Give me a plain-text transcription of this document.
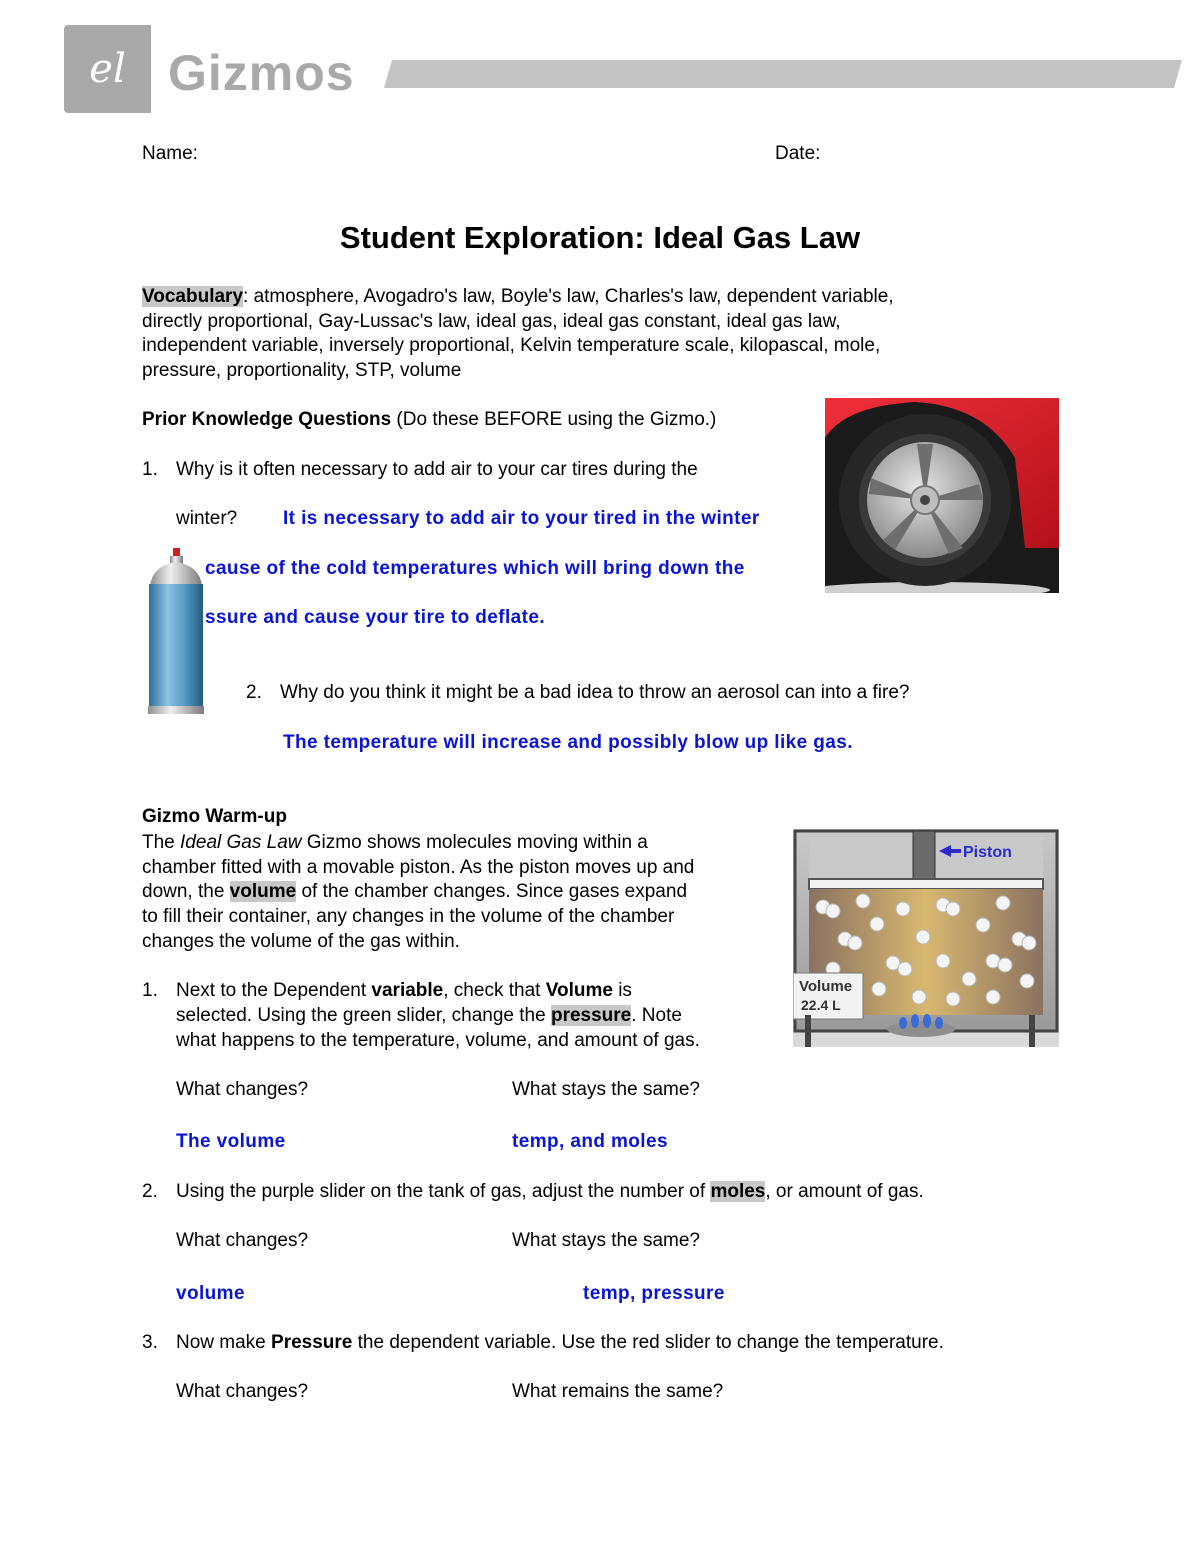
el Gizmos
Name:	Date:
Student Exploration: Ideal Gas Law

Vocabulary: atmosphere, Avogadro's law, Boyle's law, Charles's law, dependent variable,

directly proportional, Gay-Lussac's law, ideal gas, ideal gas constant, ideal gas law,

independent variable, inversely proportional, Kelvin temperature scale, kilopascal, mole,

pressure, proportionality, STP, volume

Prior Knowledge Questions (Do these BEFORE using the Gizmo.)
1. Why is it often necessary to add air to your car tires during the
winter? It is necessary to add air to your tired in the winter
cause of the cold temperatures which will bring down the
ssure and cause your tire to deflate.
2. Why do you think it might be a bad idea to throw an aerosol can into a fire?
The temperature will increase and possibly blow up like gas.
Gizmo Warm-up

The Ideal Gas Law Gizmo shows molecules moving within a

chamber fitted with a movable piston. As the piston moves up and

down, the volume of the chamber changes. Since gases expand

to fill their container, any changes in the volume of the chamber

changes the volume of the gas within.

Volume
22.4 L
Piston
1. Next to the Dependent variable, check that Volume is
selected. Using the green slider, change the pressure. Note
what happens to the temperature, volume, and amount of gas.
What changes?	What stays the same?
The volume	temp, and moles
2. Using the purple slider on the tank of gas, adjust the number of moles, or amount of gas.
What changes?	What stays the same?
volume	temp, pressure
3. Now make Pressure the dependent variable. Use the red slider to change the temperature.
What changes?	What remains the same?
